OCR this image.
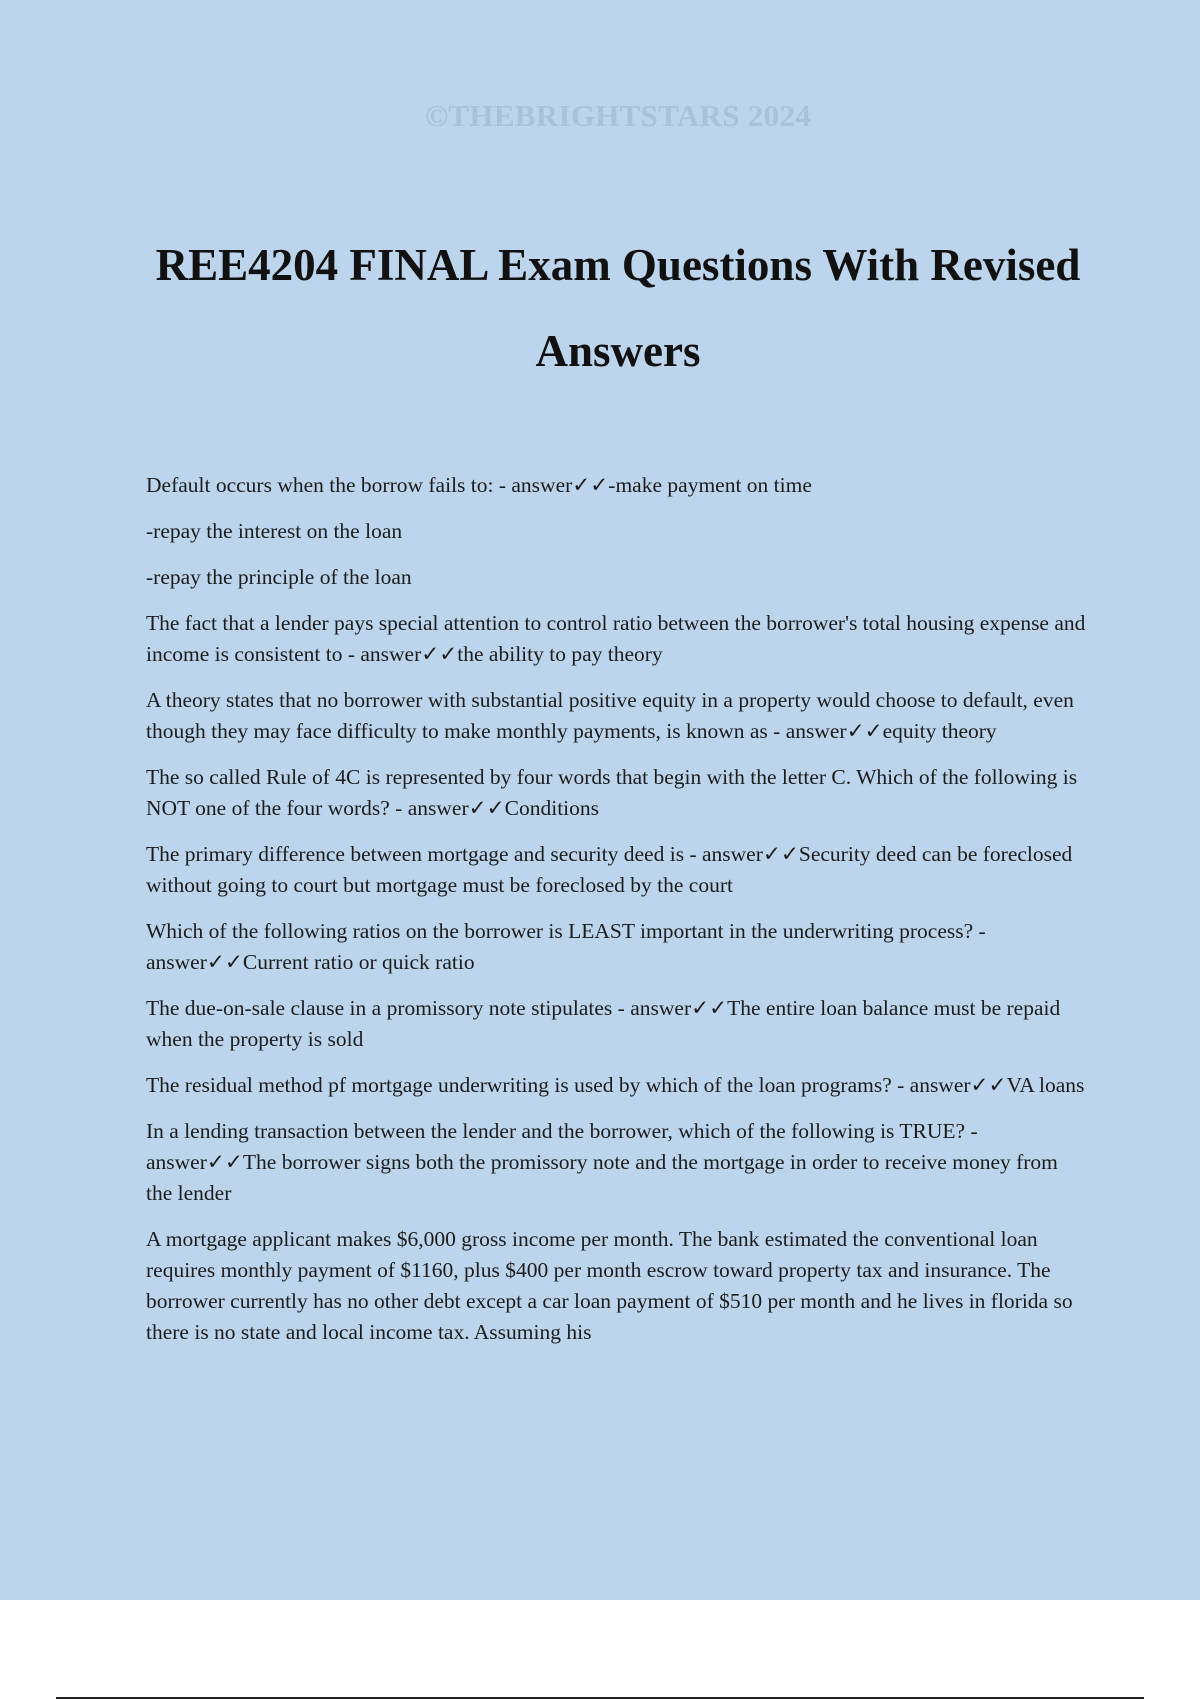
©THEBRIGHTSTARS 2024
REE4204 FINAL Exam Questions With Revised Answers

Default occurs when the borrow fails to: - answer✓✓-make payment on time

-repay the interest on the loan

-repay the principle of the loan

The fact that a lender pays special attention to control ratio between the borrower's total housing expense and income is consistent to - answer✓✓the ability to pay theory

A theory states that no borrower with substantial positive equity in a property would choose to default, even though they may face difficulty to make monthly payments, is known as - answer✓✓equity theory

The so called Rule of 4C is represented by four words that begin with the letter C. Which of the following is NOT one of the four words? - answer✓✓Conditions

The primary difference between mortgage and security deed is - answer✓✓Security deed can be foreclosed without going to court but mortgage must be foreclosed by the court

Which of the following ratios on the borrower is LEAST important in the underwriting process? - answer✓✓Current ratio or quick ratio

The due-on-sale clause in a promissory note stipulates - answer✓✓The entire loan balance must be repaid when the property is sold

The residual method pf mortgage underwriting is used by which of the loan programs? - answer✓✓VA loans

In a lending transaction between the lender and the borrower, which of the following is TRUE? - answer✓✓The borrower signs both the promissory note and the mortgage in order to receive money from the lender

A mortgage applicant makes $6,000 gross income per month. The bank estimated the conventional loan requires monthly payment of $1160, plus $400 per month escrow toward property tax and insurance. The borrower currently has no other debt except a car loan payment of $510 per month and he lives in florida so there is no state and local income tax. Assuming his
